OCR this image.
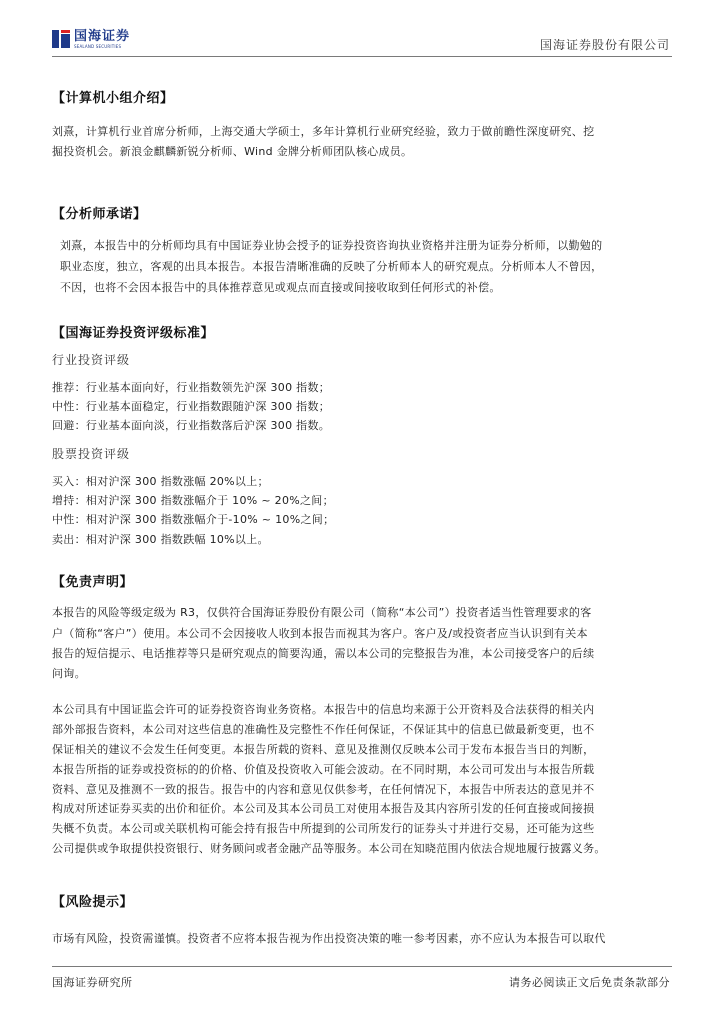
国海证券
SEALAND SECURITIES	国海证券股份有限公司
【计算机小组介绍】
刘熹，计算机行业首席分析师，上海交通大学硕士，多年计算机行业研究经验，致力于做前瞻性深度研究、挖
掘投资机会。新浪金麒麟新锐分析师、Wind 金牌分析师团队核心成员。
【分析师承诺】
刘熹，本报告中的分析师均具有中国证券业协会授予的证券投资咨询执业资格并注册为证券分析师，以勤勉的
职业态度，独立，客观的出具本报告。本报告清晰准确的反映了分析师本人的研究观点。分析师本人不曾因，
不因，也将不会因本报告中的具体推荐意见或观点而直接或间接收取到任何形式的补偿。
【国海证券投资评级标准】
行业投资评级
推荐：行业基本面向好，行业指数领先沪深 300 指数；
中性：行业基本面稳定，行业指数跟随沪深 300 指数；
回避：行业基本面向淡，行业指数落后沪深 300 指数。
股票投资评级
买入：相对沪深 300 指数涨幅 20%以上；
增持：相对沪深 300 指数涨幅介于 10% ~ 20%之间；
中性：相对沪深 300 指数涨幅介于-10% ~ 10%之间；
卖出：相对沪深 300 指数跌幅 10%以上。
【免责声明】
本报告的风险等级定级为 R3，仅供符合国海证券股份有限公司（简称“本公司”）投资者适当性管理要求的客
户（简称“客户”）使用。本公司不会因接收人收到本报告而视其为客户。客户及/或投资者应当认识到有关本
报告的短信提示、电话推荐等只是研究观点的简要沟通，需以本公司的完整报告为准，本公司接受客户的后续
问询。
本公司具有中国证监会许可的证券投资咨询业务资格。本报告中的信息均来源于公开资料及合法获得的相关内
部外部报告资料，本公司对这些信息的准确性及完整性不作任何保证，不保证其中的信息已做最新变更，也不
保证相关的建议不会发生任何变更。本报告所载的资料、意见及推测仅反映本公司于发布本报告当日的判断，
本报告所指的证券或投资标的的价格、价值及投资收入可能会波动。在不同时期，本公司可发出与本报告所载
资料、意见及推测不一致的报告。报告中的内容和意见仅供参考，在任何情况下，本报告中所表达的意见并不
构成对所述证券买卖的出价和征价。本公司及其本公司员工对使用本报告及其内容所引发的任何直接或间接损
失概不负责。本公司或关联机构可能会持有报告中所提到的公司所发行的证券头寸并进行交易，还可能为这些
公司提供或争取提供投资银行、财务顾问或者金融产品等服务。本公司在知晓范围内依法合规地履行披露义务。
【风险提示】
市场有风险，投资需谨慎。投资者不应将本报告视为作出投资决策的唯一参考因素，亦不应认为本报告可以取代
国海证券研究所	请务必阅读正文后免责条款部分
